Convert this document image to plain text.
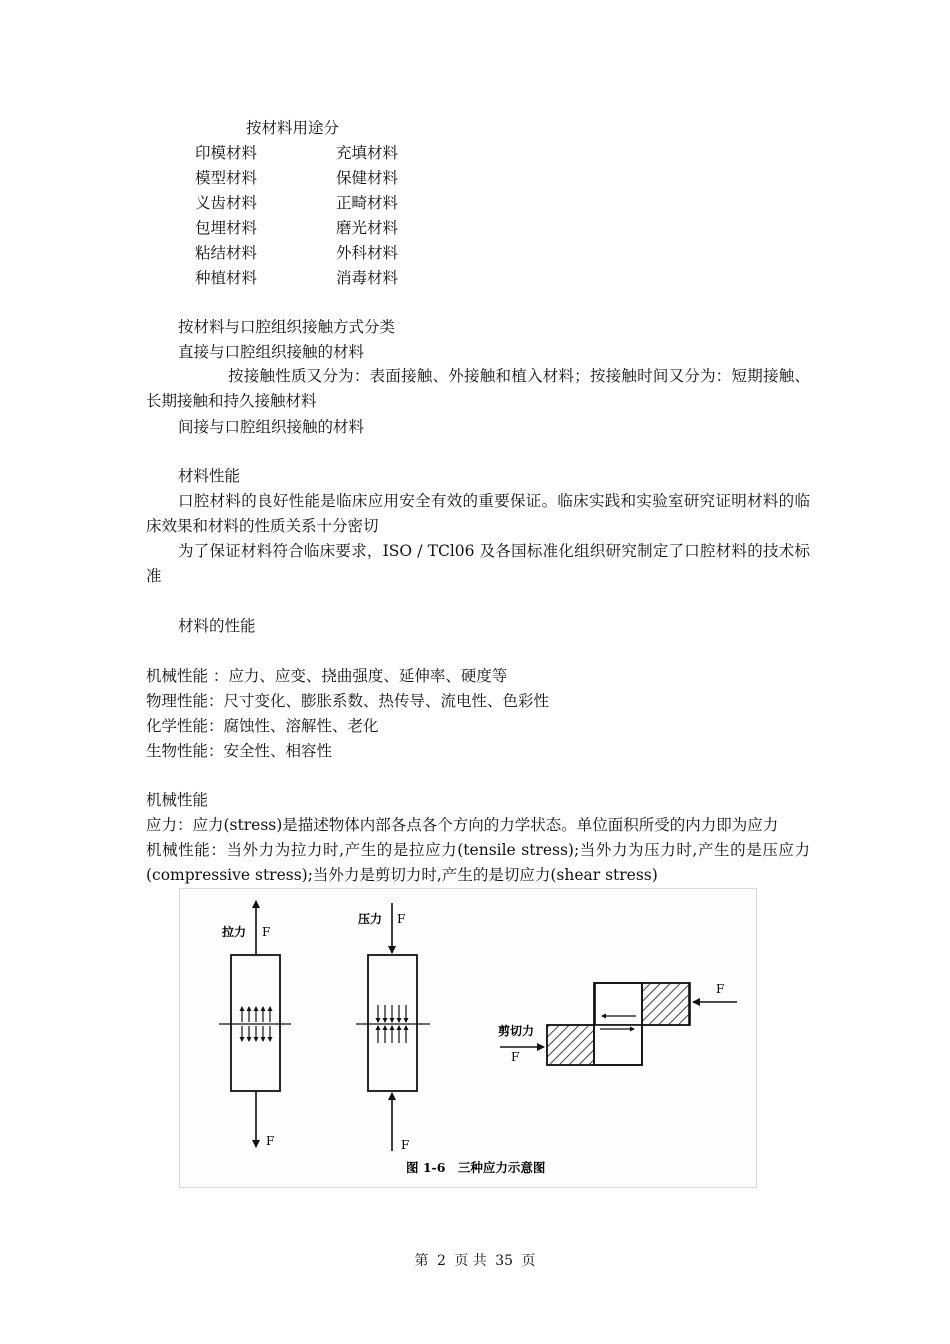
按材料用途分
印模材料	充填材料
模型材料	保健材料
义齿材料	正畸材料
包埋材料	磨光材料
粘结材料	外科材料
种植材料	消毒材料
按材料与口腔组织接触方式分类
直接与口腔组织接触的材料
按接触性质又分为：表面接触、外接触和植入材料；按接触时间又分为：短期接触、长期接触和持久接触材料
间接与口腔组织接触的材料
材料性能
口腔材料的良好性能是临床应用安全有效的重要保证。临床实践和实验室研究证明材料的临床效果和材料的性质关系十分密切
为了保证材料符合临床要求，ISO / TCl06 及各国标准化组织研究制定了口腔材料的技术标准
材料的性能
机械性能 ：应力、应变、挠曲强度、延伸率、硬度等
物理性能：尺寸变化、膨胀系数、热传导、流电性、色彩性
化学性能：腐蚀性、溶解性、老化
生物性能：安全性、相容性
机械性能
应力：应力(stress)是描述物体内部各点各个方向的力学状态。单位面积所受的内力即为应力
机械性能：当外力为拉力时,产生的是拉应力(tensile stress);当外力为压力时,产生的是压应力(compressive stress);当外力是剪切力时,产生的是切应力(shear stress)
拉力 F
F
压力 F
F
F
剪切力
F
图 1-6　三种应力示意图
第 2 页 共 35 页
